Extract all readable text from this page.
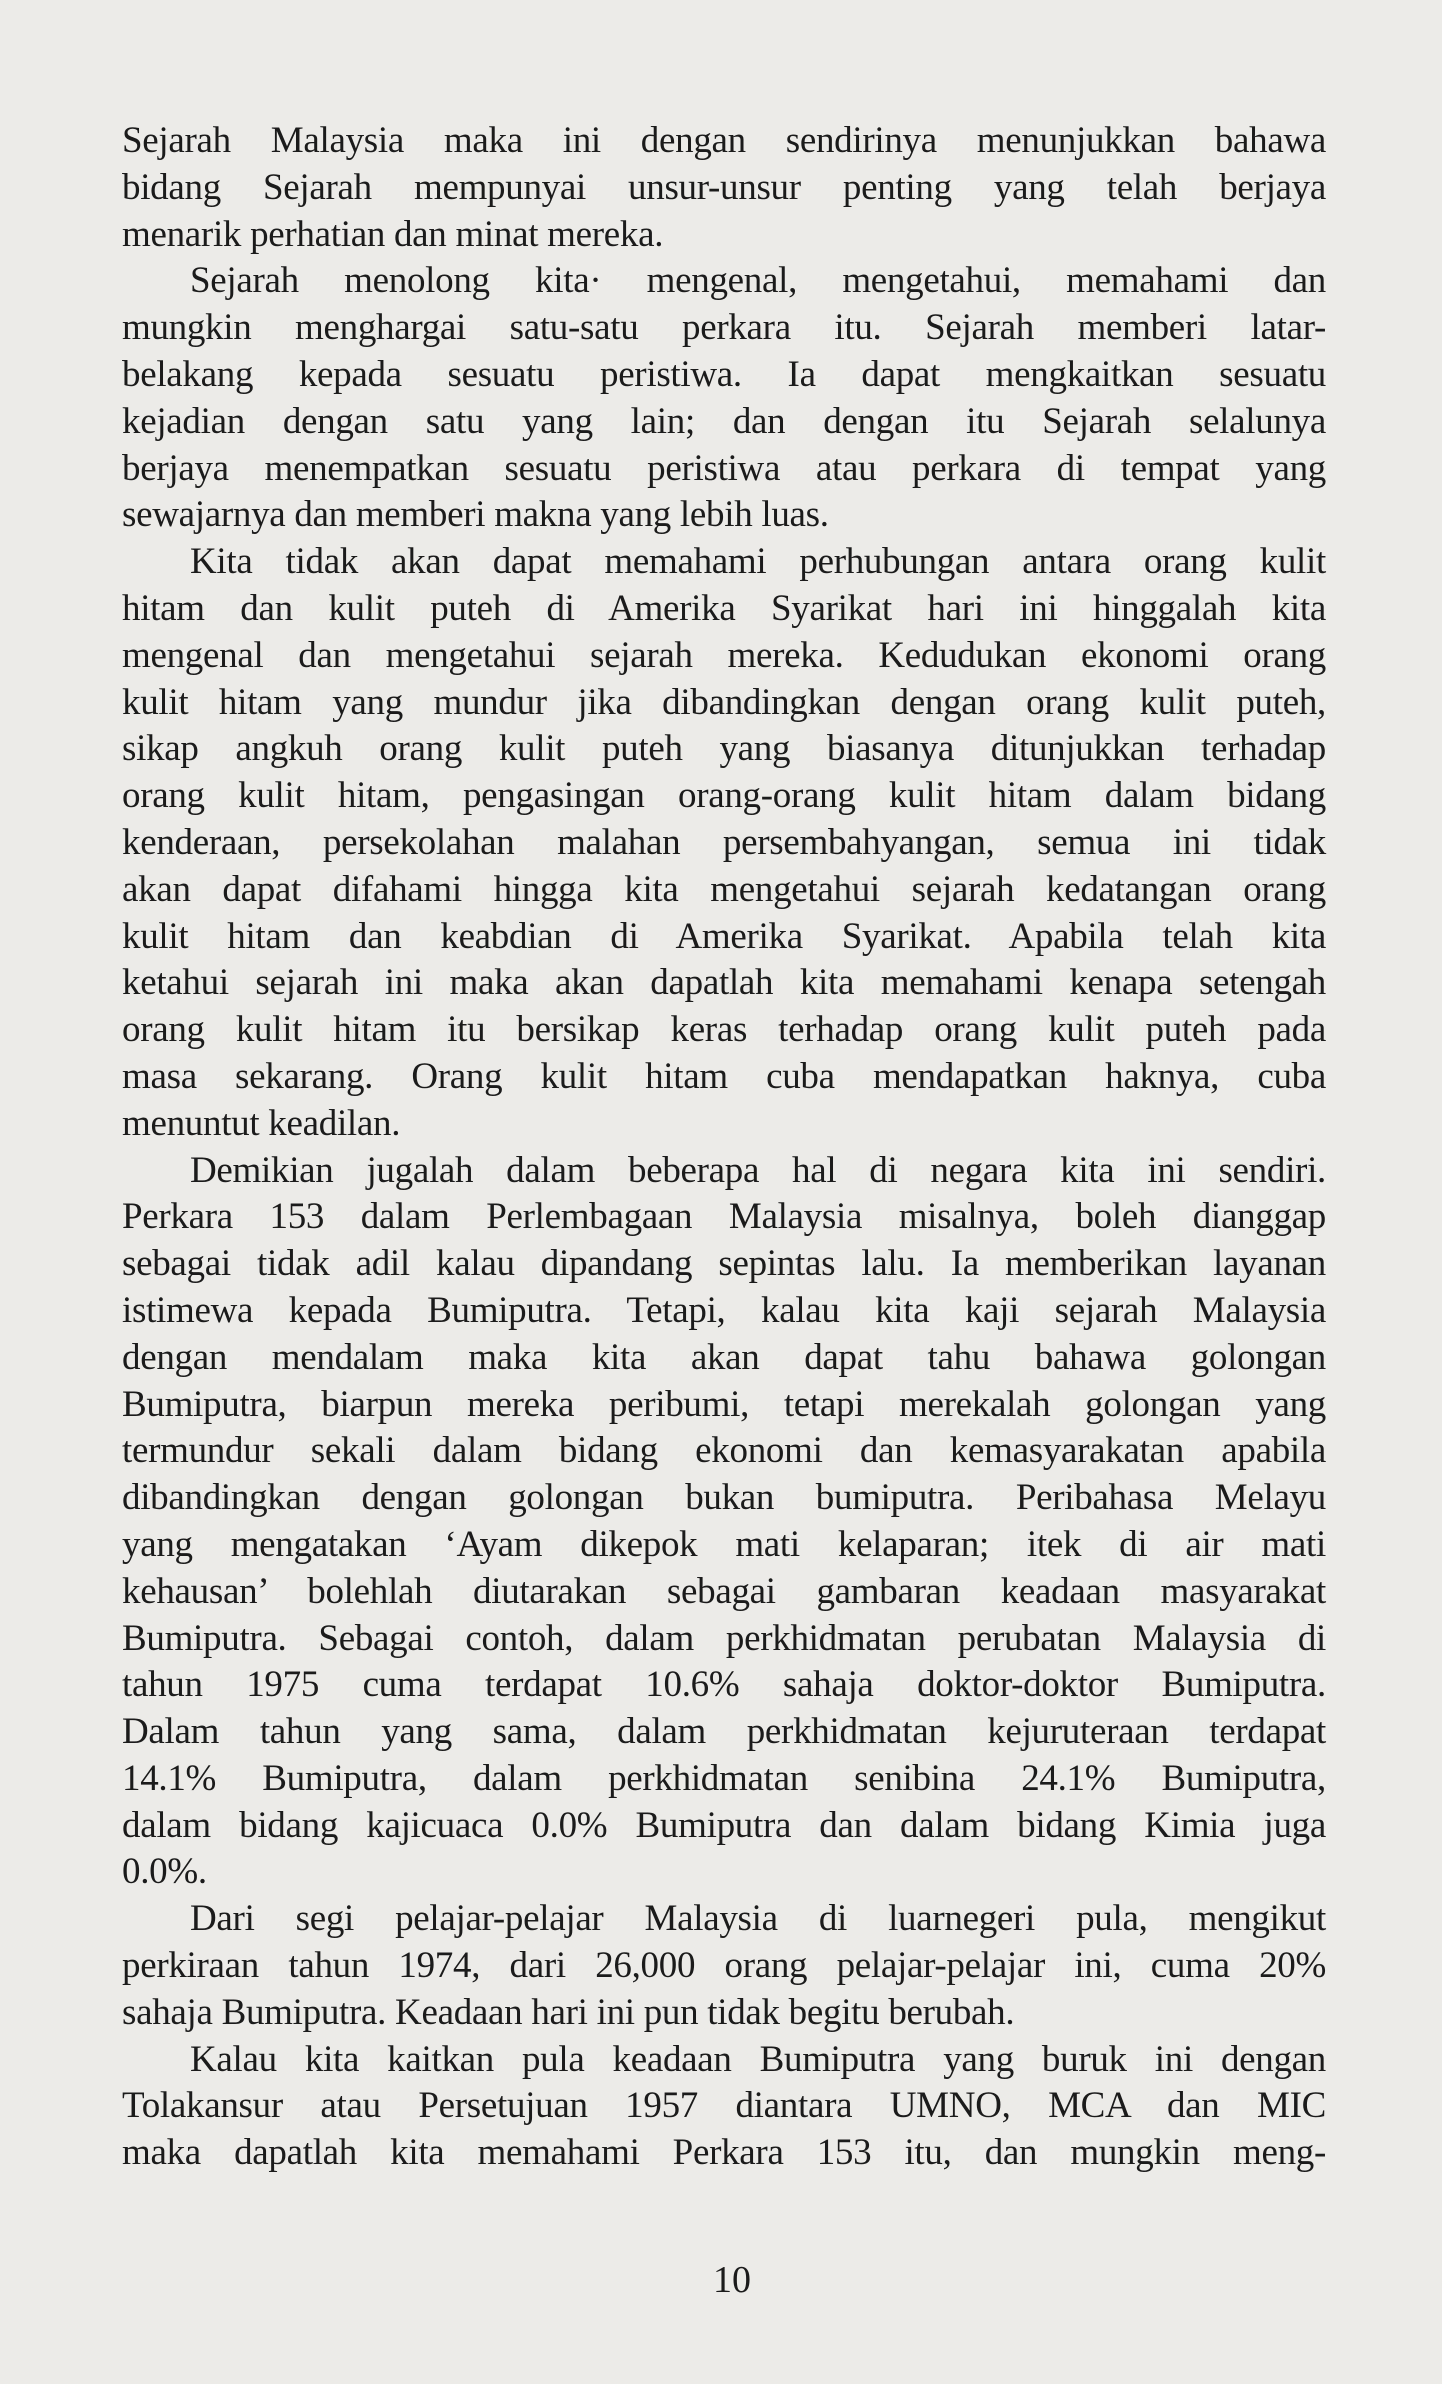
Sejarah Malaysia maka ini dengan sendirinya menunjukkan bahawa
bidang Sejarah mempunyai unsur-unsur penting yang telah berjaya
menarik perhatian dan minat mereka.
Sejarah menolong kita· mengenal, mengetahui, memahami dan
mungkin menghargai satu-satu perkara itu. Sejarah memberi latar-
belakang kepada sesuatu peristiwa. Ia dapat mengkaitkan sesuatu
kejadian dengan satu yang lain; dan dengan itu Sejarah selalunya
berjaya menempatkan sesuatu peristiwa atau perkara di tempat yang
sewajarnya dan memberi makna yang lebih luas.
Kita tidak akan dapat memahami perhubungan antara orang kulit
hitam dan kulit puteh di Amerika Syarikat hari ini hinggalah kita
mengenal dan mengetahui sejarah mereka. Kedudukan ekonomi orang
kulit hitam yang mundur jika dibandingkan dengan orang kulit puteh,
sikap angkuh orang kulit puteh yang biasanya ditunjukkan terhadap
orang kulit hitam, pengasingan orang-orang kulit hitam dalam bidang
kenderaan, persekolahan malahan persembahyangan, semua ini tidak
akan dapat difahami hingga kita mengetahui sejarah kedatangan orang
kulit hitam dan keabdian di Amerika Syarikat. Apabila telah kita
ketahui sejarah ini maka akan dapatlah kita memahami kenapa setengah
orang kulit hitam itu bersikap keras terhadap orang kulit puteh pada
masa sekarang. Orang kulit hitam cuba mendapatkan haknya, cuba
menuntut keadilan.
Demikian jugalah dalam beberapa hal di negara kita ini sendiri.
Perkara 153 dalam Perlembagaan Malaysia misalnya, boleh dianggap
sebagai tidak adil kalau dipandang sepintas lalu. Ia memberikan layanan
istimewa kepada Bumiputra. Tetapi, kalau kita kaji sejarah Malaysia
dengan mendalam maka kita akan dapat tahu bahawa golongan
Bumiputra, biarpun mereka peribumi, tetapi merekalah golongan yang
termundur sekali dalam bidang ekonomi dan kemasyarakatan apabila
dibandingkan dengan golongan bukan bumiputra. Peribahasa Melayu
yang mengatakan ‘Ayam dikepok mati kelaparan; itek di air mati
kehausan’ bolehlah diutarakan sebagai gambaran keadaan masyarakat
Bumiputra. Sebagai contoh, dalam perkhidmatan perubatan Malaysia di
tahun 1975 cuma terdapat 10.6% sahaja doktor-doktor Bumiputra.
Dalam tahun yang sama, dalam perkhidmatan kejuruteraan terdapat
14.1% Bumiputra, dalam perkhidmatan senibina 24.1% Bumiputra,
dalam bidang kajicuaca 0.0% Bumiputra dan dalam bidang Kimia juga
0.0%.
Dari segi pelajar-pelajar Malaysia di luarnegeri pula, mengikut
perkiraan tahun 1974, dari 26,000 orang pelajar-pelajar ini, cuma 20%
sahaja Bumiputra. Keadaan hari ini pun tidak begitu berubah.
Kalau kita kaitkan pula keadaan Bumiputra yang buruk ini dengan
Tolakansur atau Persetujuan 1957 diantara UMNO, MCA dan MIC
maka dapatlah kita memahami Perkara 153 itu, dan mungkin meng-
10
